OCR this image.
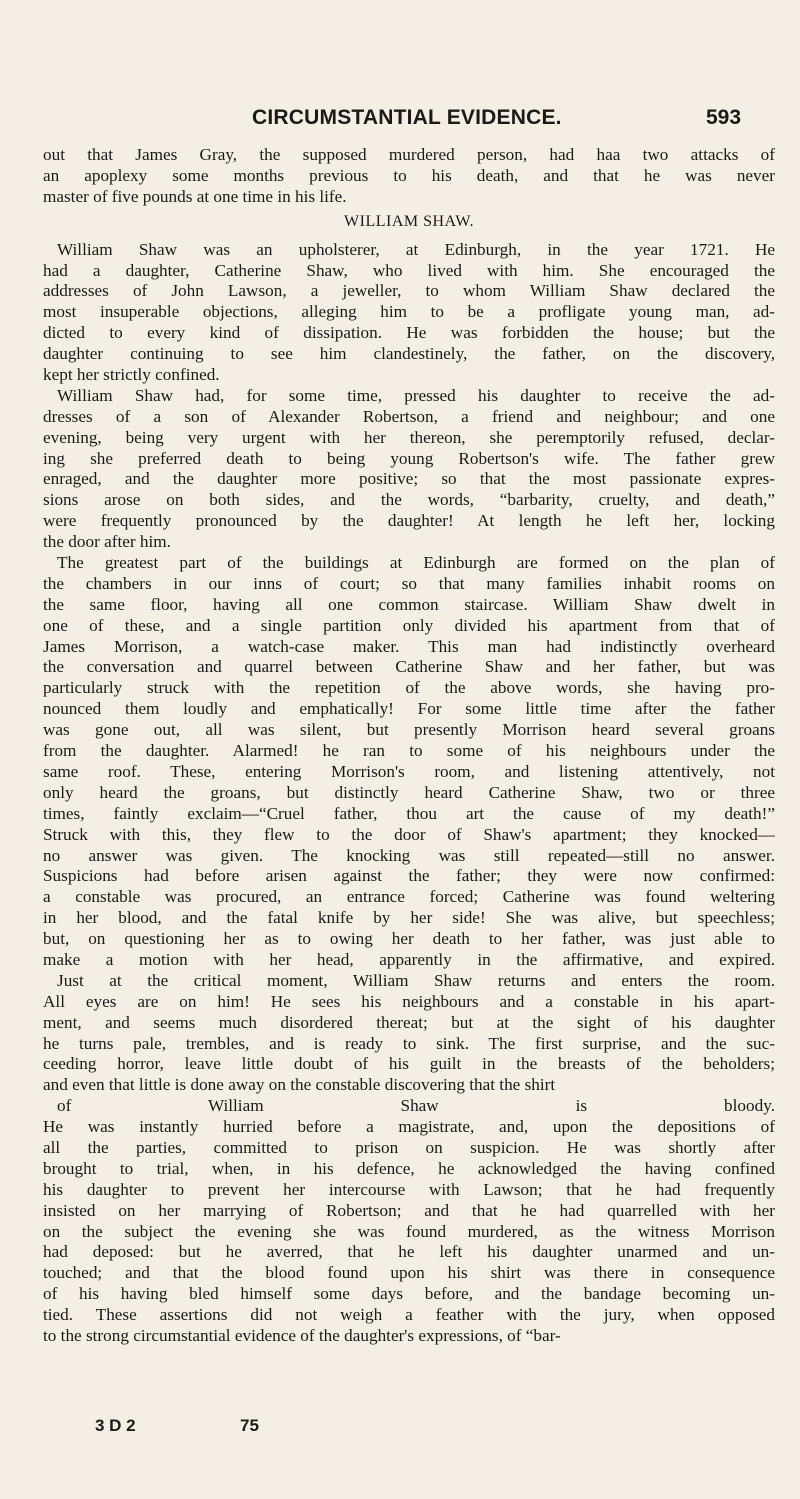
CIRCUMSTANTIAL EVIDENCE.	593
out that James Gray, the supposed murdered person, had haa two attacks of
an apoplexy some months previous to his death, and that he was never
master of five pounds at one time in his life.
WILLIAM SHAW.
William Shaw was an upholsterer, at Edinburgh, in the year 1721. He
had a daughter, Catherine Shaw, who lived with him. She encouraged the
addresses of John Lawson, a jeweller, to whom William Shaw declared the
most insuperable objections, alleging him to be a profligate young man, ad-
dicted to every kind of dissipation. He was forbidden the house; but the
daughter continuing to see him clandestinely, the father, on the discovery,
kept her strictly confined.
William Shaw had, for some time, pressed his daughter to receive the ad-
dresses of a son of Alexander Robertson, a friend and neighbour; and one
evening, being very urgent with her thereon, she peremptorily refused, declar-
ing she preferred death to being young Robertson's wife. The father grew
enraged, and the daughter more positive; so that the most passionate expres-
sions arose on both sides, and the words, “barbarity, cruelty, and death,”
were frequently pronounced by the daughter! At length he left her, locking
the door after him.
The greatest part of the buildings at Edinburgh are formed on the plan of
the chambers in our inns of court; so that many families inhabit rooms on
the same floor, having all one common staircase. William Shaw dwelt in
one of these, and a single partition only divided his apartment from that of
James Morrison, a watch-case maker. This man had indistinctly overheard
the conversation and quarrel between Catherine Shaw and her father, but was
particularly struck with the repetition of the above words, she having pro-
nounced them loudly and emphatically! For some little time after the father
was gone out, all was silent, but presently Morrison heard several groans
from the daughter. Alarmed! he ran to some of his neighbours under the
same roof. These, entering Morrison's room, and listening attentively, not
only heard the groans, but distinctly heard Catherine Shaw, two or three
times, faintly exclaim—“Cruel father, thou art the cause of my death!”
Struck with this, they flew to the door of Shaw's apartment; they knocked—
no answer was given. The knocking was still repeated—still no answer.
Suspicions had before arisen against the father; they were now confirmed:
a constable was procured, an entrance forced; Catherine was found weltering
in her blood, and the fatal knife by her side! She was alive, but speechless;
but, on questioning her as to owing her death to her father, was just able to
make a motion with her head, apparently in the affirmative, and expired.
Just at the critical moment, William Shaw returns and enters the room.
All eyes are on him! He sees his neighbours and a constable in his apart-
ment, and seems much disordered thereat; but at the sight of his daughter
he turns pale, trembles, and is ready to sink. The first surprise, and the suc-
ceeding horror, leave little doubt of his guilt in the breasts of the beholders;
and even that little is done away on the constable discovering that the shirt
of William Shaw is bloody.
He was instantly hurried before a magistrate, and, upon the depositions of
all the parties, committed to prison on suspicion. He was shortly after
brought to trial, when, in his defence, he acknowledged the having confined
his daughter to prevent her intercourse with Lawson; that he had frequently
insisted on her marrying of Robertson; and that he had quarrelled with her
on the subject the evening she was found murdered, as the witness Morrison
had deposed: but he averred, that he left his daughter unarmed and un-
touched; and that the blood found upon his shirt was there in consequence
of his having bled himself some days before, and the bandage becoming un-
tied. These assertions did not weigh a feather with the jury, when opposed
to the strong circumstantial evidence of the daughter's expressions, of “bar-
3 D 2	75
